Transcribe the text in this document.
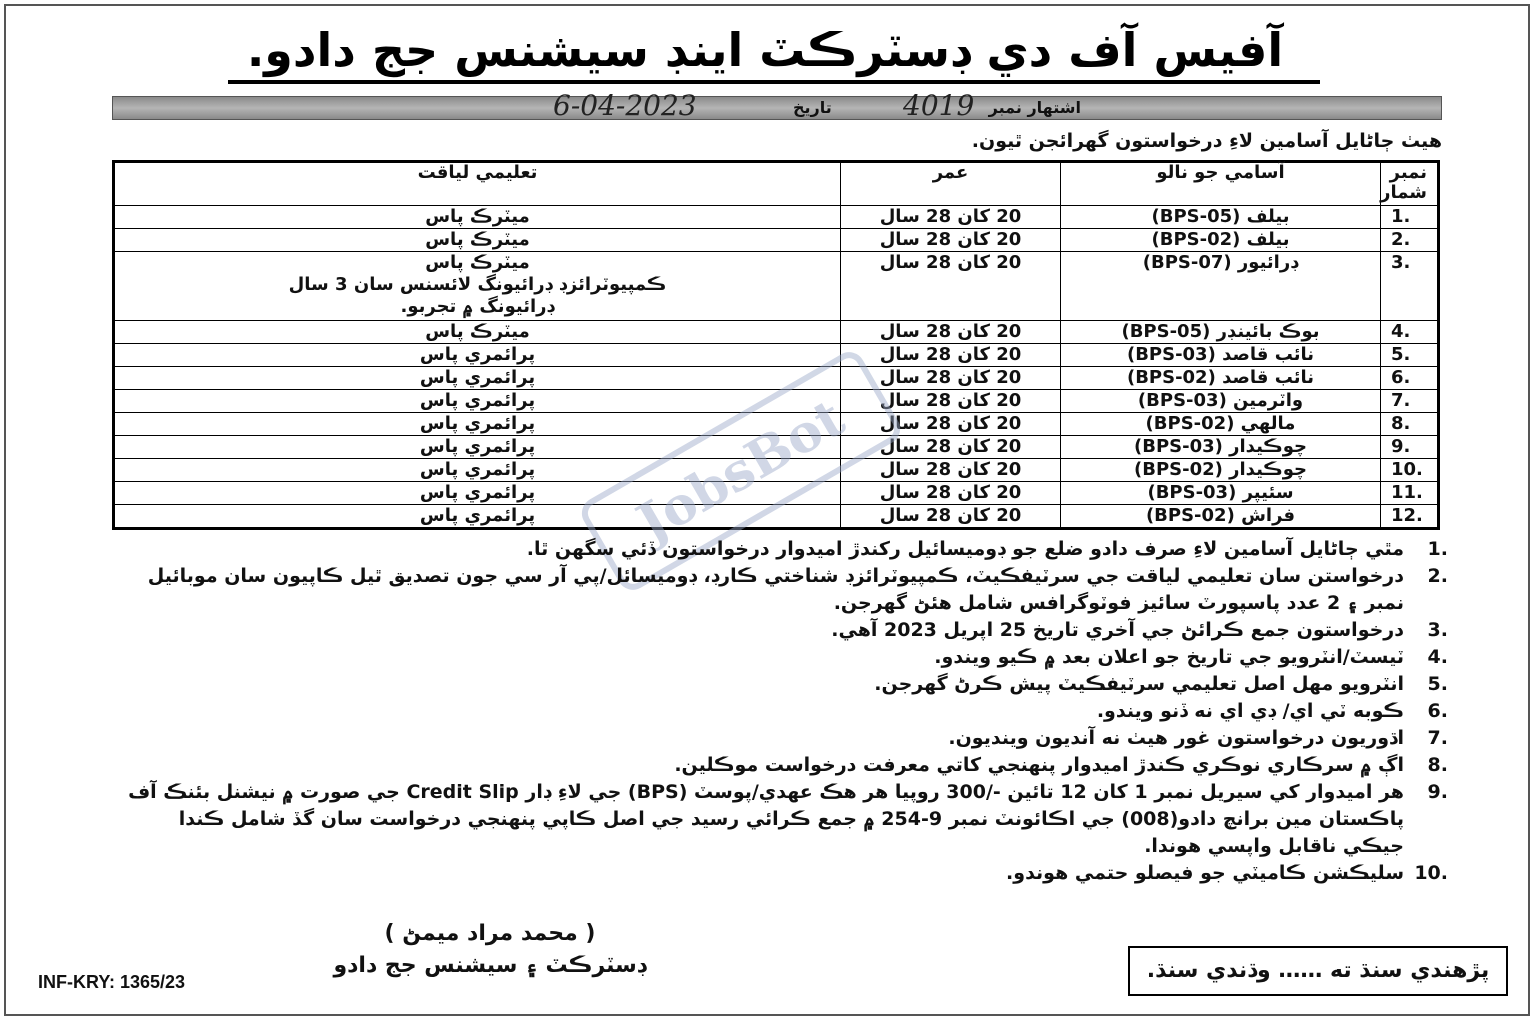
آفيس آف دي ڊسٽرڪٽ اينڊ سيشنس جج دادو.
اشتهار نمبر
4019
تاريخ
6-04-2023
هيٺ ڄاڻايل آسامين لاءِ درخواستون گهرائجن ٿيون.
نمبر شمار	آسامي جو نالو	عمر	تعليمي لياقت
1.	بيلف (BPS-05)	20 کان 28 سال	ميٽرڪ پاس

2.	بيلف (BPS-02)	20 کان 28 سال	ميٽرڪ پاس

3.	ڊرائيور (BPS-07)	20 کان 28 سال	ميٽرڪ پاس
ڪمپيوٽرائزڊ ڊرائيونگ لائسنس سان 3 سال
ڊرائيونگ ۾ تجربو.

4.	بوڪ بائينڊر (BPS-05)	20 کان 28 سال	ميٽرڪ پاس

5.	نائب قاصد (BPS-03)	20 کان 28 سال	پرائمري پاس

6.	نائب قاصد (BPS-02)	20 کان 28 سال	پرائمري پاس

7.	واٽرمين (BPS-03)	20 کان 28 سال	پرائمري پاس

8.	مالهي (BPS-02)	20 کان 28 سال	پرائمري پاس

9.	چوڪيدار (BPS-03)	20 کان 28 سال	پرائمري پاس

10.	چوڪيدار (BPS-02)	20 کان 28 سال	پرائمري پاس

11.	سئيپر (BPS-03)	20 کان 28 سال	پرائمري پاس

12.	فراش (BPS-02)	20 کان 28 سال	پرائمري پاس	JobsBot	1.
مٿي ڄاڻايل آسامين لاءِ صرف دادو ضلع جو ڊوميسائيل رکندڙ اميدوار درخواستون ڏئي سگهن ٿا.
2.
درخواستن سان تعليمي لياقت جي سرٽيفڪيٽ، ڪمپيوٽرائزڊ شناختي ڪارڊ، ڊوميسائل/پي آر سي جون تصديق ٿيل ڪاپيون سان موبائيل نمبر ۽ 2 عدد پاسپورٽ سائيز فوٽوگرافس شامل هئڻ گهرجن.
3.
درخواستون جمع ڪرائڻ جي آخري تاريخ 25 اپريل 2023 آهي.
4.
ٽيسٽ/انٽرويو جي تاريخ جو اعلان بعد ۾ ڪيو ويندو.
5.
انٽرويو مهل اصل تعليمي سرٽيفڪيٽ پيش ڪرڻ گهرجن.
6.
ڪوبه ٽي اي/ ڊي اي نه ڏنو ويندو.
7.
اڌوريون درخواستون غور هيٺ نه آنديون وينديون.
8.
اڳ ۾ سرڪاري نوڪري ڪندڙ اميدوار پنهنجي کاتي معرفت درخواست موڪلين.
9.
هر اميدوار کي سيريل نمبر 1 کان 12 تائين -/300 روپيا هر هڪ عهدي/پوسٽ (BPS) جي لاءِ ڊار Credit Slip جي صورت ۾ نيشنل بئنڪ آف پاڪستان مين برانچ دادو(008) جي اڪائونٽ نمبر 9-254 ۾ جمع ڪرائي رسيد جي اصل ڪاپي پنهنجي درخواست سان گڏ شامل ڪندا جيڪي ناقابل واپسي هوندا.
10.
سليڪشن ڪاميٽي جو فيصلو حتمي هوندو.
( محمد مراد ميمڻ )
ڊسٽرڪٽ ۽ سيشنس جج دادو
INF-KRY: 1365/23	پڙهندي سنڌ ته …… وڌندي سنڌ.
